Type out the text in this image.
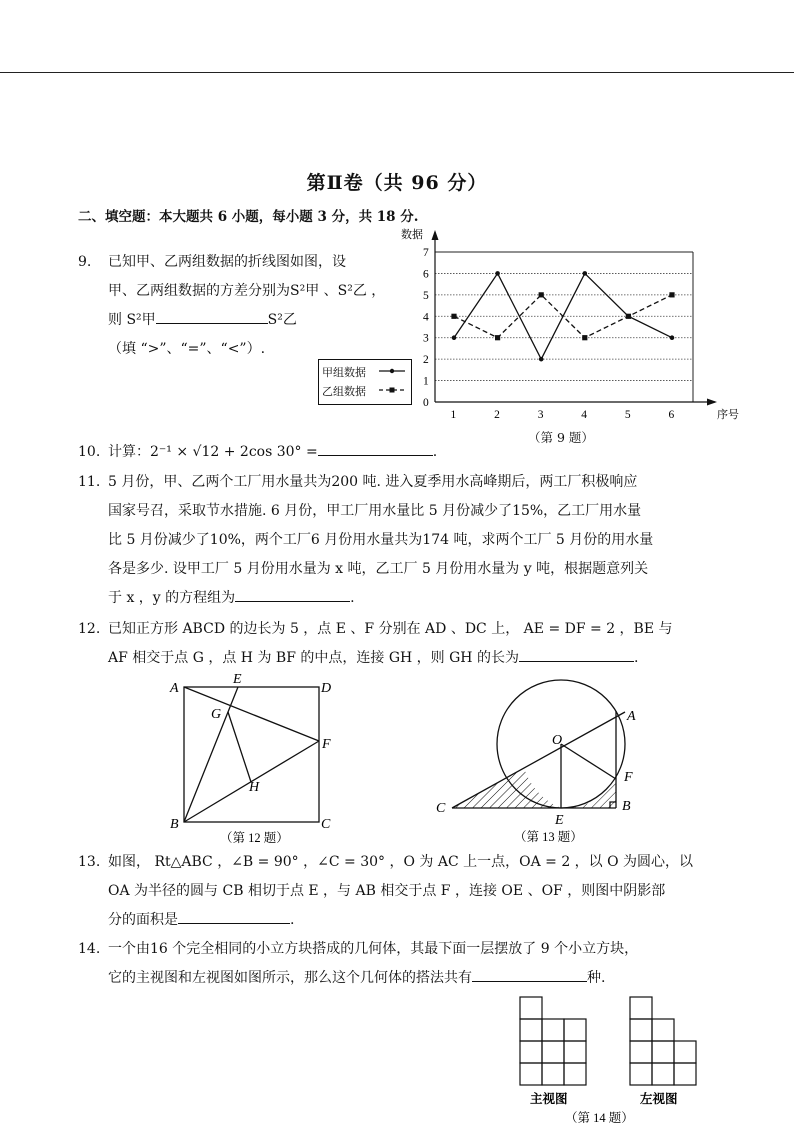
第Ⅱ卷（共 96 分）
二、填空题：本大题共 6 小题，每小题 3 分，共 18 分.
9. 已知甲、乙两组数据的折线图如图，设
甲、乙两组数据的方差分别为S²甲 、S²乙 ，
则 S²甲	S²乙
（填 “>”、“=”、“<”）.
0
1
2
3
4
5
6
7
1	2	3	4	5	6
数据
序号
10. 计算：2⁻¹ × √12 + 2cos 30° =	.
11. 5 月份，甲、乙两个工厂用水量共为200 吨. 进入夏季用水高峰期后，两工厂积极响应
国家号召，采取节水措施. 6 月份，甲工厂用水量比 5 月份减少了15%，乙工厂用水量
比 5 月份减少了10%，两个工厂6 月份用水量共为174 吨，求两个工厂 5 月份的用水量
各是多少. 设甲工厂 5 月份用水量为 x 吨，乙工厂 5 月份用水量为 y 吨，根据题意列关
于 x ，y 的方程组为	.
12. 已知正方形 ABCD 的边长为 5 ，点 E 、F 分别在 AD 、DC 上， AE = DF = 2 ，BE 与
AF 相交于点 G ，点 H 为 BF 的中点，连接 GH ，则 GH 的长为	.
A
E
D
G
F
H
B	C
（第 12 题）
A
O
F
B
C
E
（第 13 题）
13. 如图， Rt△ABC ，∠B = 90° ，∠C = 30° ，O 为 AC 上一点，OA = 2 ，以 O 为圆心，以
OA 为半径的圆与 CB 相切于点 E ，与 AB 相交于点 F ，连接 OE 、OF ，则图中阴影部
分的面积是	.
14. 一个由16 个完全相同的小立方块搭成的几何体，其最下面一层摆放了 9 个小立方块，
它的主视图和左视图如图所示，那么这个几何体的搭法共有	种.
主视图	左视图
（第 14 题）
甲组数据
乙组数据
（第 9 题）
